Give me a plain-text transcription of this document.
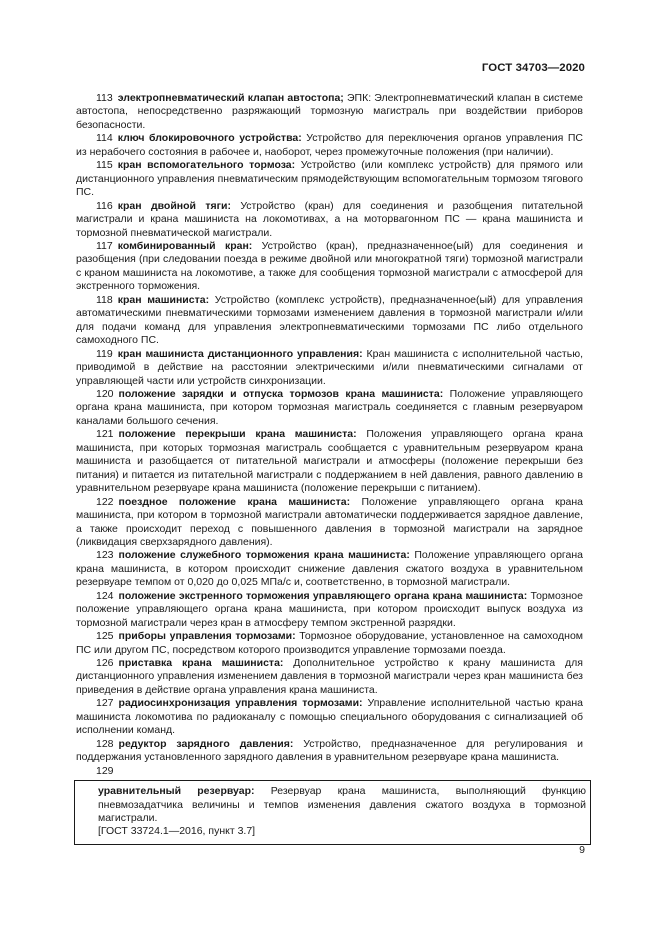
ГОСТ 34703—2020

113 электропневматический клапан автостопа; ЭПК: Электропневматический клапан в системе автостопа, непосредственно разряжающий тормозную магистраль при воздействии приборов безопасности.

114 ключ блокировочного устройства: Устройство для переключения органов управления ПС из нерабочего состояния в рабочее и, наоборот, через промежуточные положения (при наличии).

115 кран вспомогательного тормоза: Устройство (или комплекс устройств) для прямого или дистанционного управления пневматическим прямодействующим вспомогательным тормозом тягового ПС.

116 кран двойной тяги: Устройство (кран) для соединения и разобщения питательной магистрали и крана машиниста на локомотивах, а на моторвагонном ПС — крана машиниста и тормозной пневматической магистрали.

117 комбинированный кран: Устройство (кран), предназначенное(ый) для соединения и разобщения (при следовании поезда в режиме двойной или многократной тяги) тормозной магистрали с краном машиниста на локомотиве, а также для сообщения тормозной магистрали с атмосферой для экстренного торможения.

118 кран машиниста: Устройство (комплекс устройств), предназначенное(ый) для управления автоматическими пневматическими тормозами изменением давления в тормозной магистрали и/или для подачи команд для управления электропневматическими тормозами ПС либо отдельного самоходного ПС.

119 кран машиниста дистанционного управления: Кран машиниста с исполнительной частью, приводимой в действие на расстоянии электрическими и/или пневматическими сигналами от управляющей части или устройств синхронизации.

120 положение зарядки и отпуска тормозов крана машиниста: Положение управляющего органа крана машиниста, при котором тормозная магистраль соединяется с главным резервуаром каналами большого сечения.

121 положение перекрыши крана машиниста: Положения управляющего органа крана машиниста, при которых тормозная магистраль сообщается с уравнительным резервуаром крана машиниста и разобщается от питательной магистрали и атмосферы (положение перекрыши без питания) и питается из питательной магистрали с поддержанием в ней давления, равного давлению в уравнительном резервуаре крана машиниста (положение перекрыши с питанием).

122 поездное положение крана машиниста: Положение управляющего органа крана машиниста, при котором в тормозной магистрали автоматически поддерживается зарядное давление, а также происходит переход с повышенного давления в тормозной магистрали на зарядное (ликвидация сверхзарядного давления).

123 положение служебного торможения крана машиниста: Положение управляющего органа крана машиниста, в котором происходит снижение давления сжатого воздуха в уравнительном резервуаре темпом от 0,020 до 0,025 МПа/с и, соответственно, в тормозной магистрали.

124 положение экстренного торможения управляющего органа крана машиниста: Тормозное положение управляющего органа крана машиниста, при котором происходит выпуск воздуха из тормозной магистрали через кран в атмосферу темпом экстренной разрядки.

125 приборы управления тормозами: Тормозное оборудование, установленное на самоходном ПС или другом ПС, посредством которого производится управление тормозами поезда.

126 приставка крана машиниста: Дополнительное устройство к крану машиниста для дистанционного управления изменением давления в тормозной магистрали через кран машиниста без приведения в действие органа управления крана машиниста.

127 радиосинхронизация управления тормозами: Управление исполнительной частью крана машиниста локомотива по радиоканалу с помощью специального оборудования с сигнализацией об исполнении команд.

128 редуктор зарядного давления: Устройство, предназначенное для регулирования и поддержания установленного зарядного давления в уравнительном резервуаре крана машиниста.

129

уравнительный резервуар: Резервуар крана машиниста, выполняющий функцию пневмозадатчика величины и темпов изменения давления сжатого воздуха в тормозной магистрали.

[ГОСТ 33724.1—2016, пункт 3.7]

9
